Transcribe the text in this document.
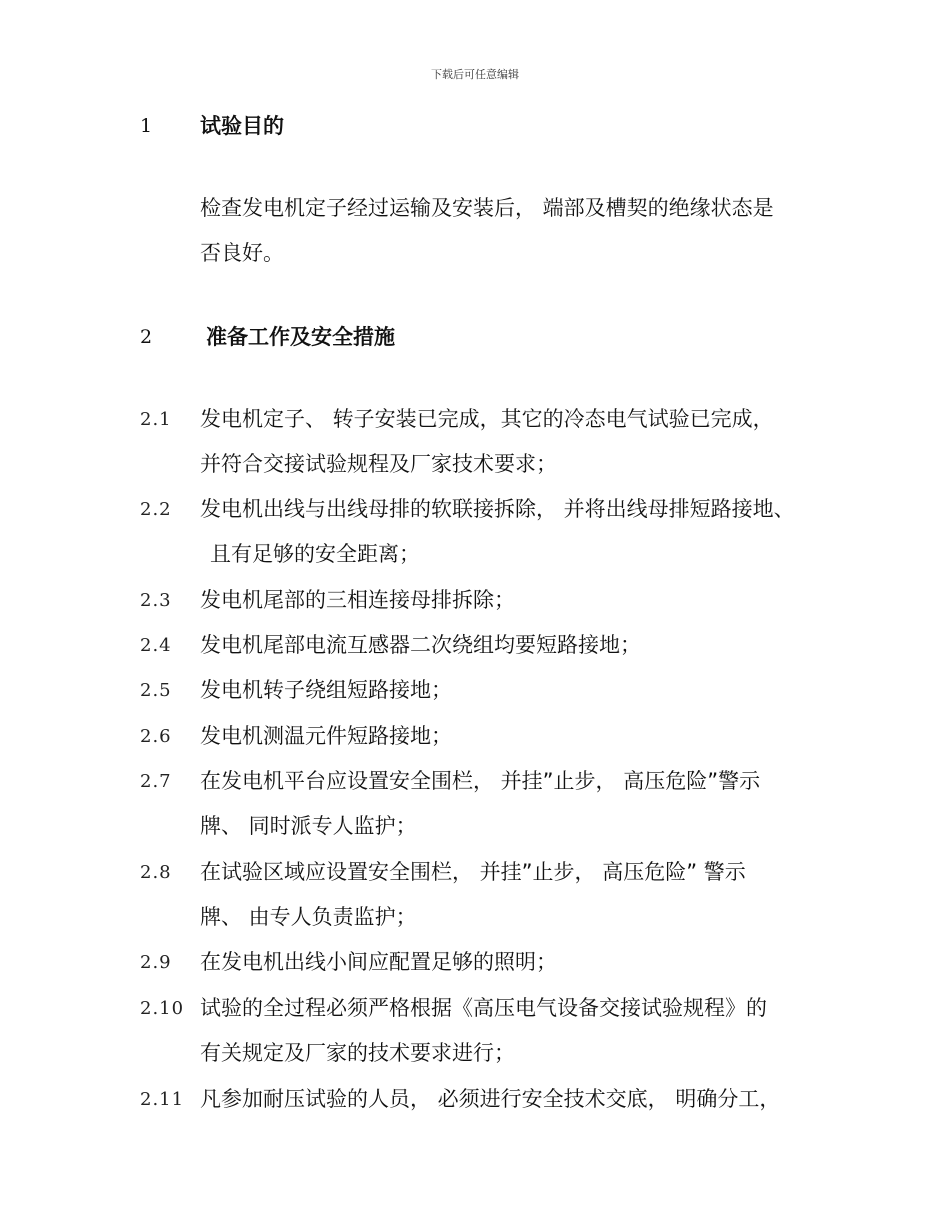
下载后可任意编辑
1 试验目的
检查发电机定子经过运输及安装后， 端部及槽契的绝缘状态是
否良好。
2	准备工作及安全措施
2.1 发电机定子、 转子安装已完成，其它的冷态电气试验已完成，
并符合交接试验规程及厂家技术要求；
2.2 发电机出线与出线母排的软联接拆除， 并将出线母排短路接地、
且有足够的安全距离；
2.3 发电机尾部的三相连接母排拆除；
2.4 发电机尾部电流互感器二次绕组均要短路接地；
2.5 发电机转子绕组短路接地；
2.6 发电机测温元件短路接地；
2.7 在发电机平台应设置安全围栏， 并挂”止步， 高压危险”警示
牌、 同时派专人监护；
2.8 在试验区域应设置安全围栏， 并挂”止步， 高压危险” 警示
牌、 由专人负责监护；
2.9 在发电机出线小间应配置足够的照明；
2.10 试验的全过程必须严格根据《高压电气设备交接试验规程》的
有关规定及厂家的技术要求进行；
2.11 凡参加耐压试验的人员， 必须进行安全技术交底， 明确分工，
